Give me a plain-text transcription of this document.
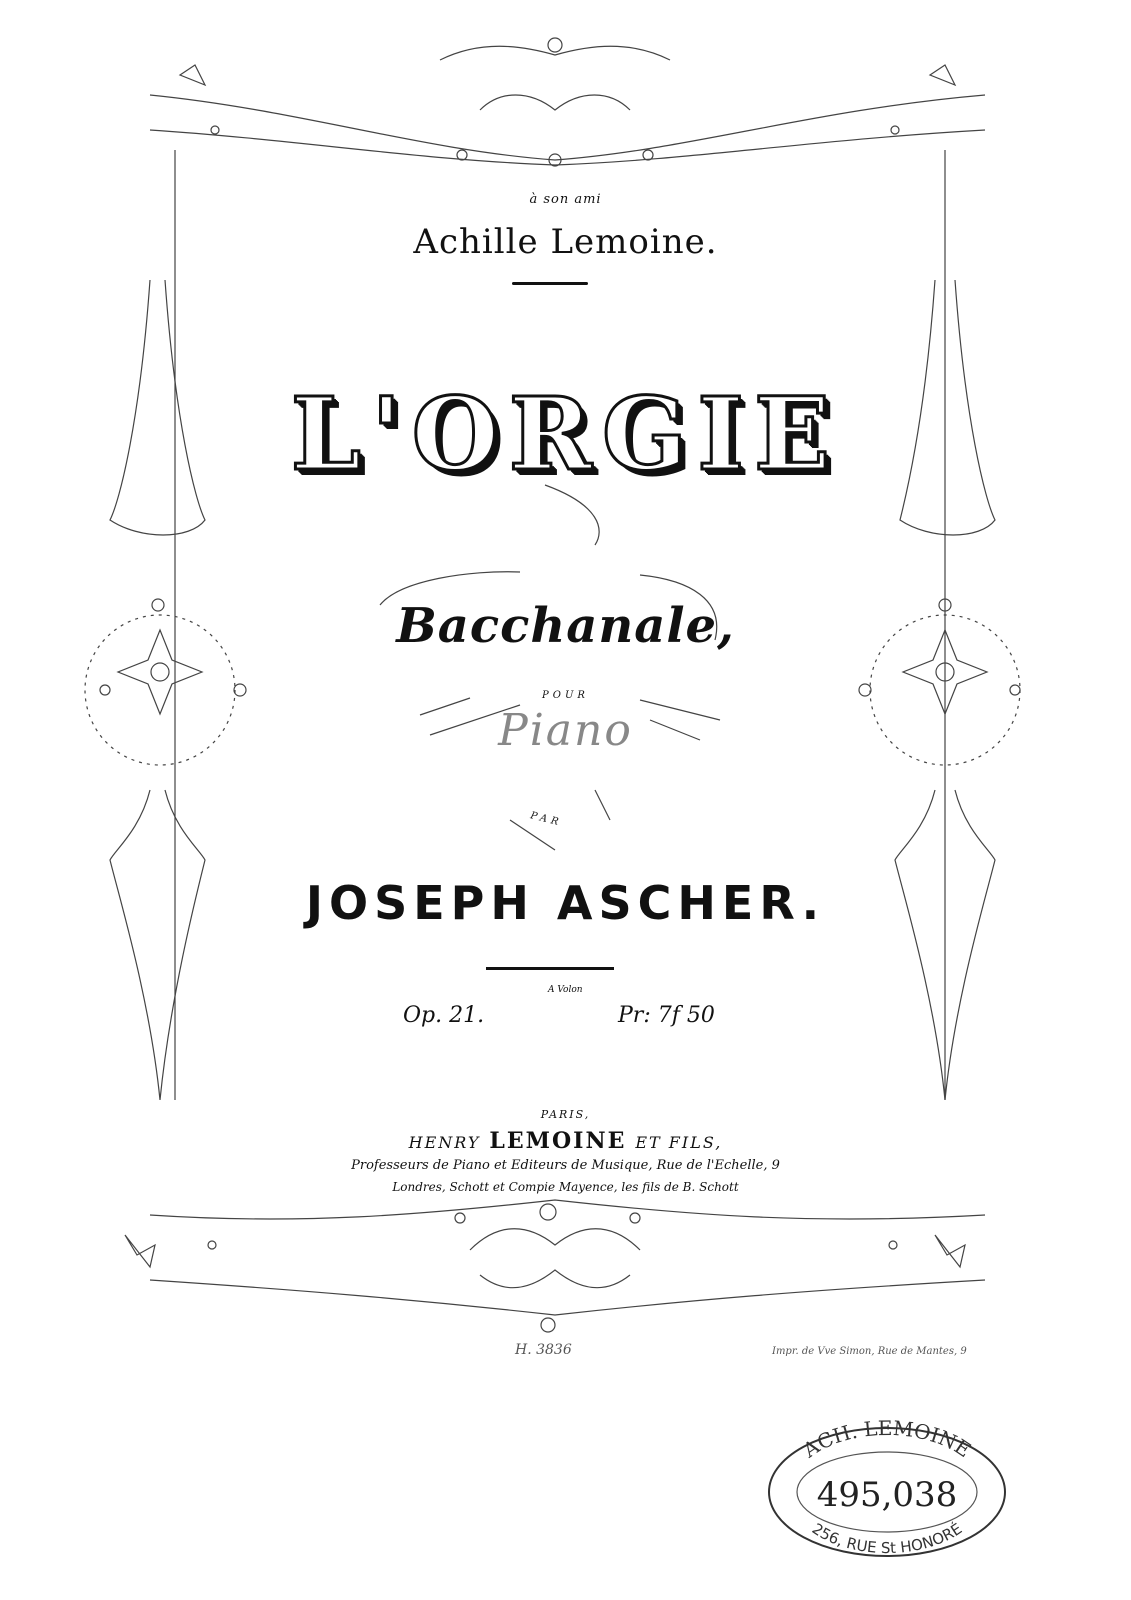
à son ami
Achille Lemoine.
L'ORGIE
Bacchanale,
POUR
Piano
PAR
JOSEPH ASCHER.
A Volon
Op. 21.	Pr: 7f 50
PARIS,
HENRY LEMOINE ET FILS,
Professeurs de Piano et Editeurs de Musique, Rue de l'Echelle, 9
Londres, Schott et Compie Mayence, les fils de B. Schott
H. 3836	Impr. de Vve Simon, Rue de Mantes, 9
ACH. LEMOINE
495,038
256, RUE St HONORÉ
